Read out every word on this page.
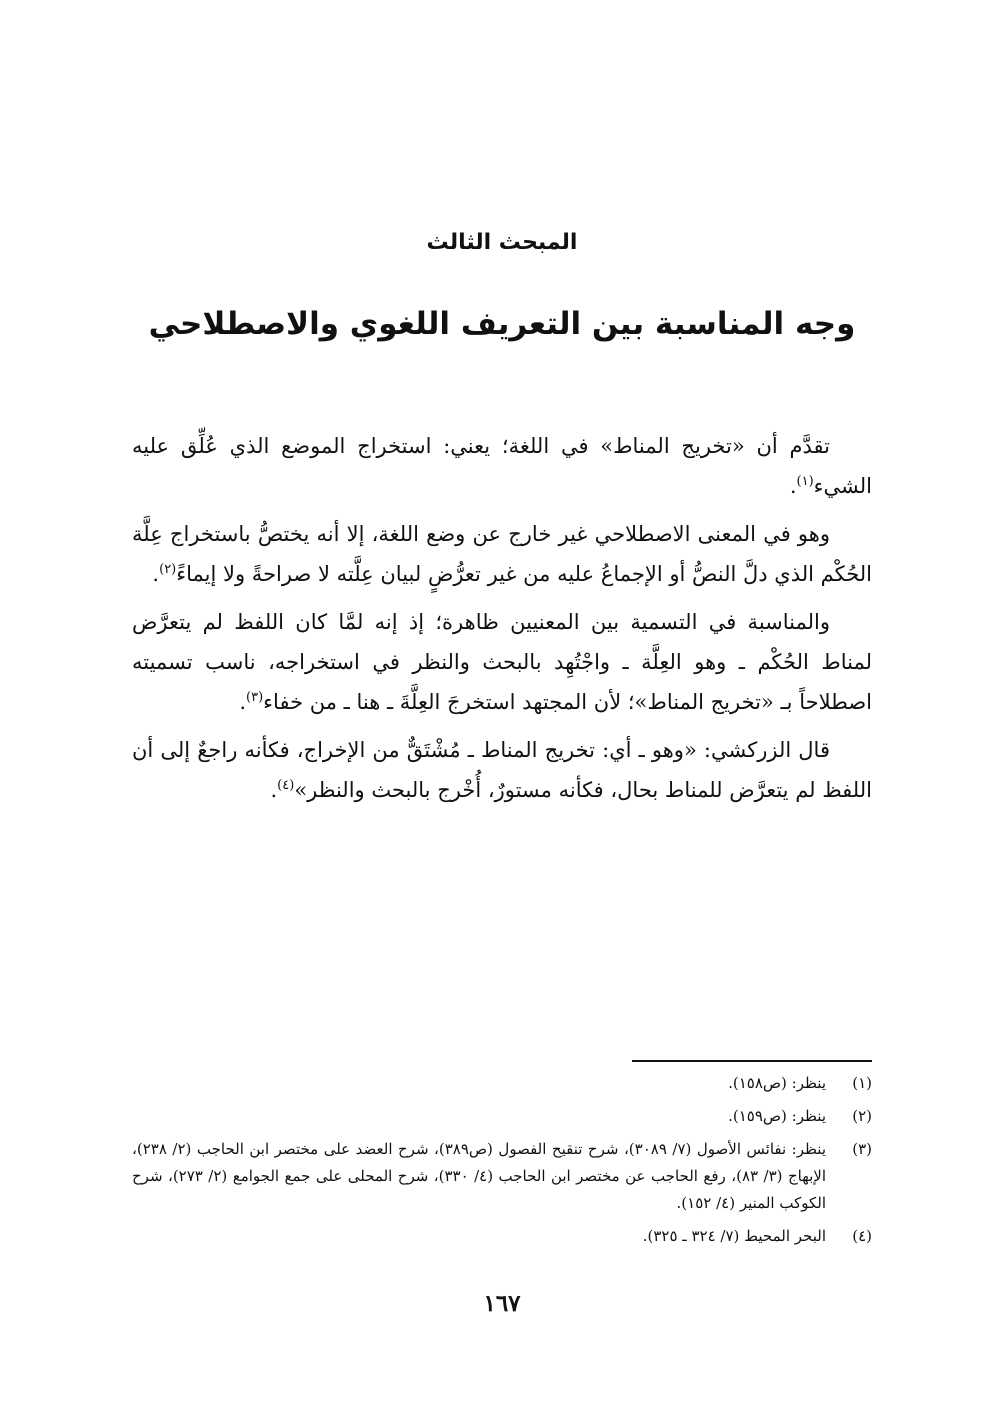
المبحث الثالث
وجه المناسبة بين التعريف اللغوي والاصطلاحي

تقدَّم أن «تخريج المناط» في اللغة؛ يعني: استخراج الموضع الذي عُلِّق عليه الشيء$^{(١)}$.

وهو في المعنى الاصطلاحي غير خارج عن وضع اللغة، إلا أنه يختصُّ باستخراج عِلَّة الحُكْم الذي دلَّ النصُّ أو الإجماعُ عليه من غير تعرُّضٍ لبيان عِلَّته لا صراحةً ولا إيماءً$^{(٢)}$.

والمناسبة في التسمية بين المعنيين ظاهرة؛ إذ إنه لمَّا كان اللفظ لم يتعرَّض لمناط الحُكْم ـ وهو العِلَّة ـ واجْتُهِد بالبحث والنظر في استخراجه، ناسب تسميته اصطلاحاً بـ «تخريج المناط»؛ لأن المجتهد استخرجَ العِلَّةَ ـ هنا ـ من خفاء$^{(٣)}$.

قال الزركشي: «وهو ـ أي: تخريج المناط ـ مُشْتَقٌّ من الإخراج، فكأنه راجعٌ إلى أن اللفظ لم يتعرَّض للمناط بحال، فكأنه مستورٌ، أُخْرج بالبحث والنظر»$^{(٤)}$.

(١)
ينظر: (ص١٥٨).
(٢)
ينظر: (ص١٥٩).
(٣)
ينظر: نفائس الأصول (٧/ ٣٠٨٩)، شرح تنقيح الفصول (ص٣٨٩)، شرح العضد على مختصر ابن الحاجب (٢/ ٢٣٨)، الإبهاج (٣/ ٨٣)، رفع الحاجب عن مختصر ابن الحاجب (٤/ ٣٣٠)، شرح المحلى على جمع الجوامع (٢/ ٢٧٣)، شرح الكوكب المنير (٤/ ١٥٢).
(٤)
البحر المحيط (٧/ ٣٢٤ ـ ٣٢٥).
١٦٧
